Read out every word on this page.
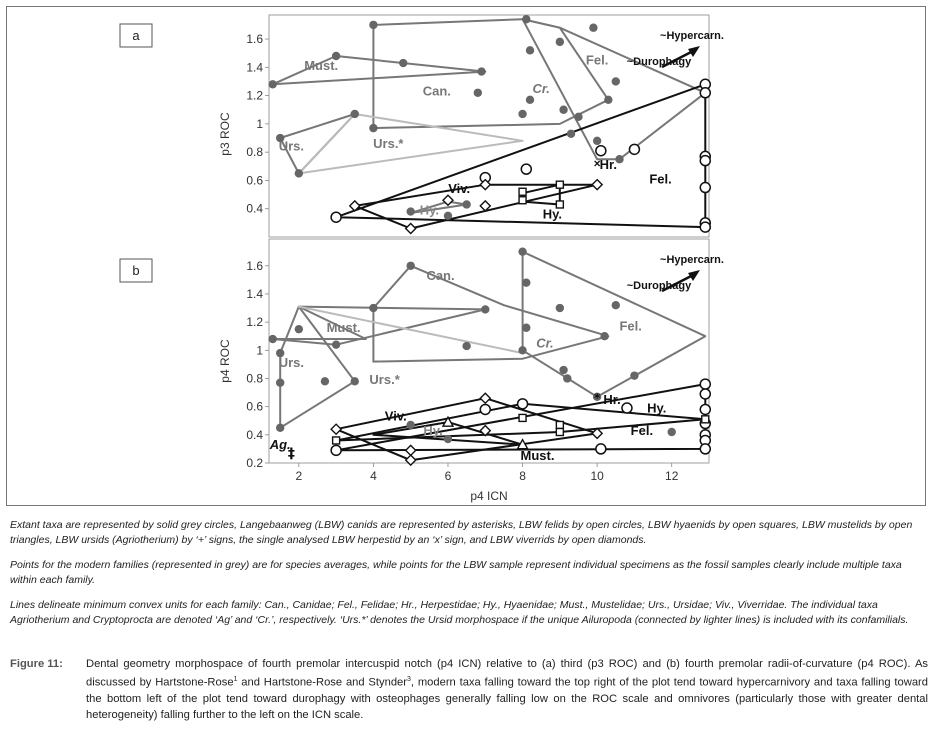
a
0.4
0.6
0.8
1
1.2
1.4
1.6
p3 ROC
×
Must.
Can.	Cr.
Fel.
Urs.	Urs.*
Viv.
Hy.	Hy.
Hr.
Fel.
~Hypercarn.
~Durophagy
b
0.2
0.4
0.6
0.8
1
1.2
1.4
1.6
2	4	6	8	10	12
p4 ICN
p4 ROC
‡
*
Can.
Must.
Cr.
Fel.
Urs.
Urs.*
Viv.
Hy.
Hy.
Hr.
Fel.
Must.
Ag.
~Hypercarn.
~Durophagy

Extant taxa are represented by solid grey circles, Langebaanweg (LBW) canids are represented by asterisks, LBW felids by open circles, LBW hyaenids by open squares, LBW mustelids by open triangles, LBW ursids (Agriotherium) by ‘+’ signs, the single analysed LBW herpestid by an ‘x’ sign, and LBW viverrids by open diamonds.

Points for the modern families (represented in grey) are for species averages, while points for the LBW sample represent individual specimens as the fossil samples clearly include multiple taxa within each family.

Lines delineate minimum convex units for each family: Can., Canidae; Fel., Felidae; Hr., Herpestidae; Hy., Hyaenidae; Must., Mustelidae; Urs., Ursidae; Viv., Viverridae. The individual taxa Agriotherium and Cryptoprocta are denoted ‘Ag’ and ‘Cr.’, respectively. ‘Urs.*’ denotes the Ursid morphospace if the unique Ailuropoda (connected by lighter lines) is included with its confamilials.

Figure 11: Dental geometry morphospace of fourth premolar intercuspid notch (p4 ICN) relative to (a) third (p3 ROC) and (b) fourth premolar radii-of-curvature (p4 ROC). As discussed by Hartstone-Rose$^1$ and Hartstone-Rose and Stynder$^3$, modern taxa falling toward the top right of the plot tend toward hypercarnivory and taxa falling toward the bottom left of the plot tend toward durophagy with osteophages generally falling low on the ROC scale and omnivores (particularly those with greater dental heterogeneity) falling further to the left on the ICN scale.
